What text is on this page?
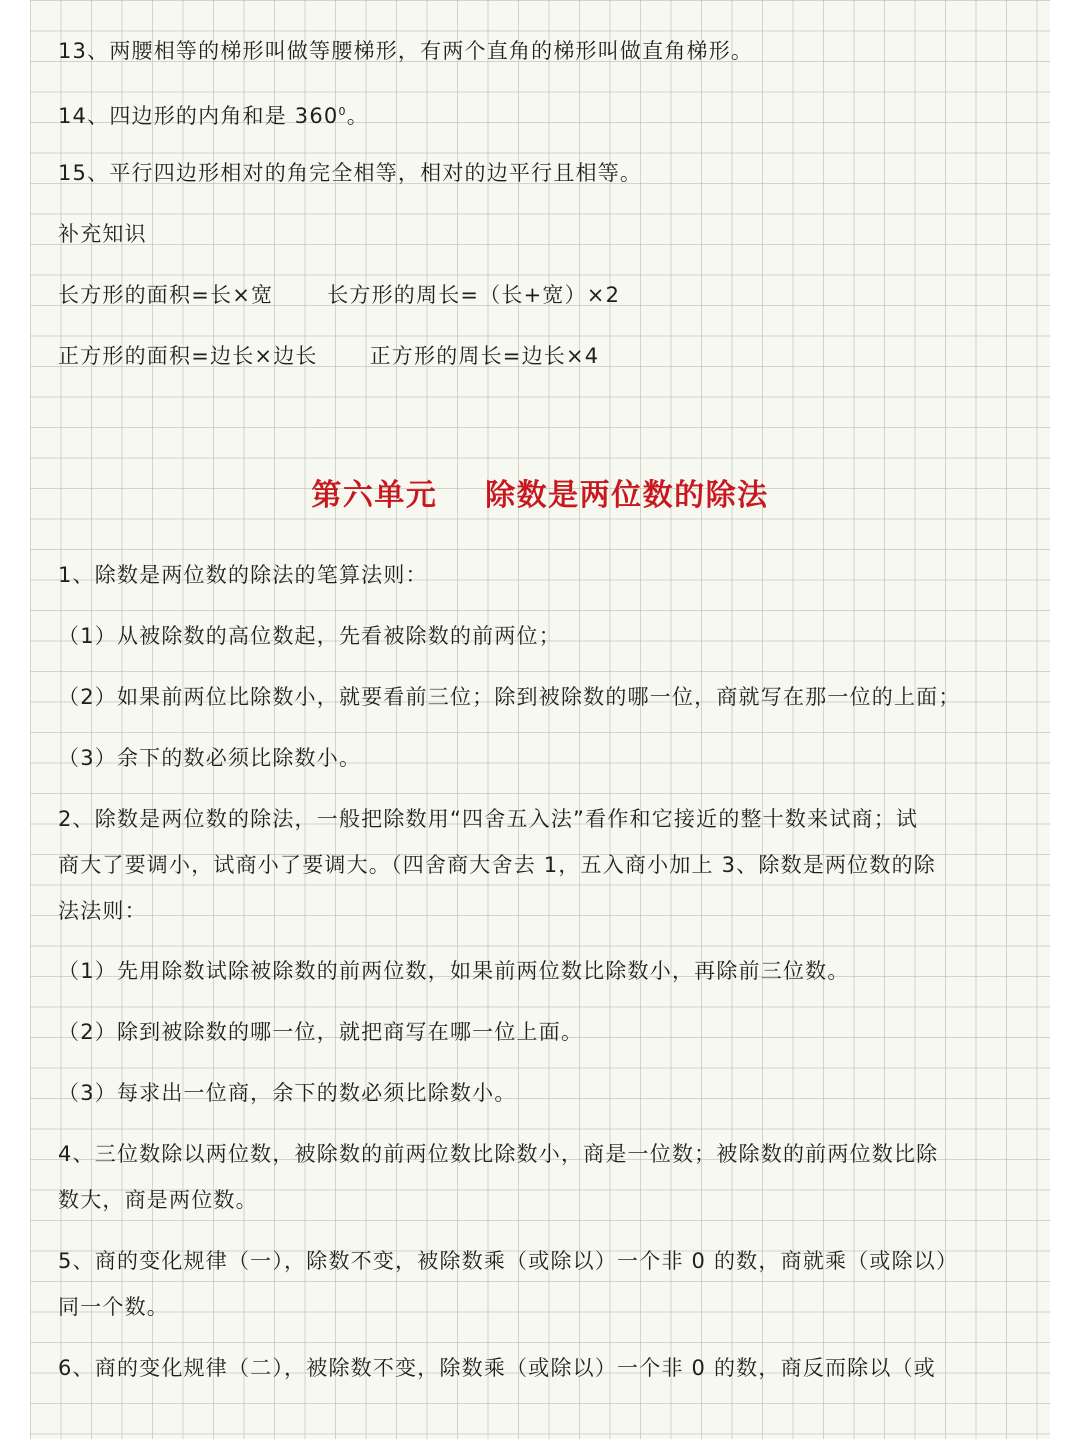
13、两腰相等的梯形叫做等腰梯形，有两个直角的梯形叫做直角梯形。

14、四边形的内角和是 $360^0$。

15、平行四边形相对的角完全相等，相对的边平行且相等。

补充知识

长方形的面积=长×宽	长方形的周长=（长+宽）×2

正方形的面积=边长×边长 正方形的周长=边长×4

第六单元    除数是两位数的除法

1、除数是两位数的除法的笔算法则：

（1）从被除数的高位数起，先看被除数的前两位；

（2）如果前两位比除数小，就要看前三位；除到被除数的哪一位，商就写在那一位的上面；

（3）余下的数必须比除数小。

2、除数是两位数的除法，一般把除数用“四舍五入法”看作和它接近的整十数来试商；试

商大了要调小，试商小了要调大。（四舍商大舍去 1，五入商小加上 3、除数是两位数的除

法法则：

（1）先用除数试除被除数的前两位数，如果前两位数比除数小，再除前三位数。

（2）除到被除数的哪一位，就把商写在哪一位上面。

（3）每求出一位商，余下的数必须比除数小。

4、三位数除以两位数，被除数的前两位数比除数小，商是一位数；被除数的前两位数比除

数大，商是两位数。

5、商的变化规律（一），除数不变，被除数乘（或除以）一个非 0 的数，商就乘（或除以）

同一个数。

6、商的变化规律（二），被除数不变，除数乘（或除以）一个非 0 的数，商反而除以（或
